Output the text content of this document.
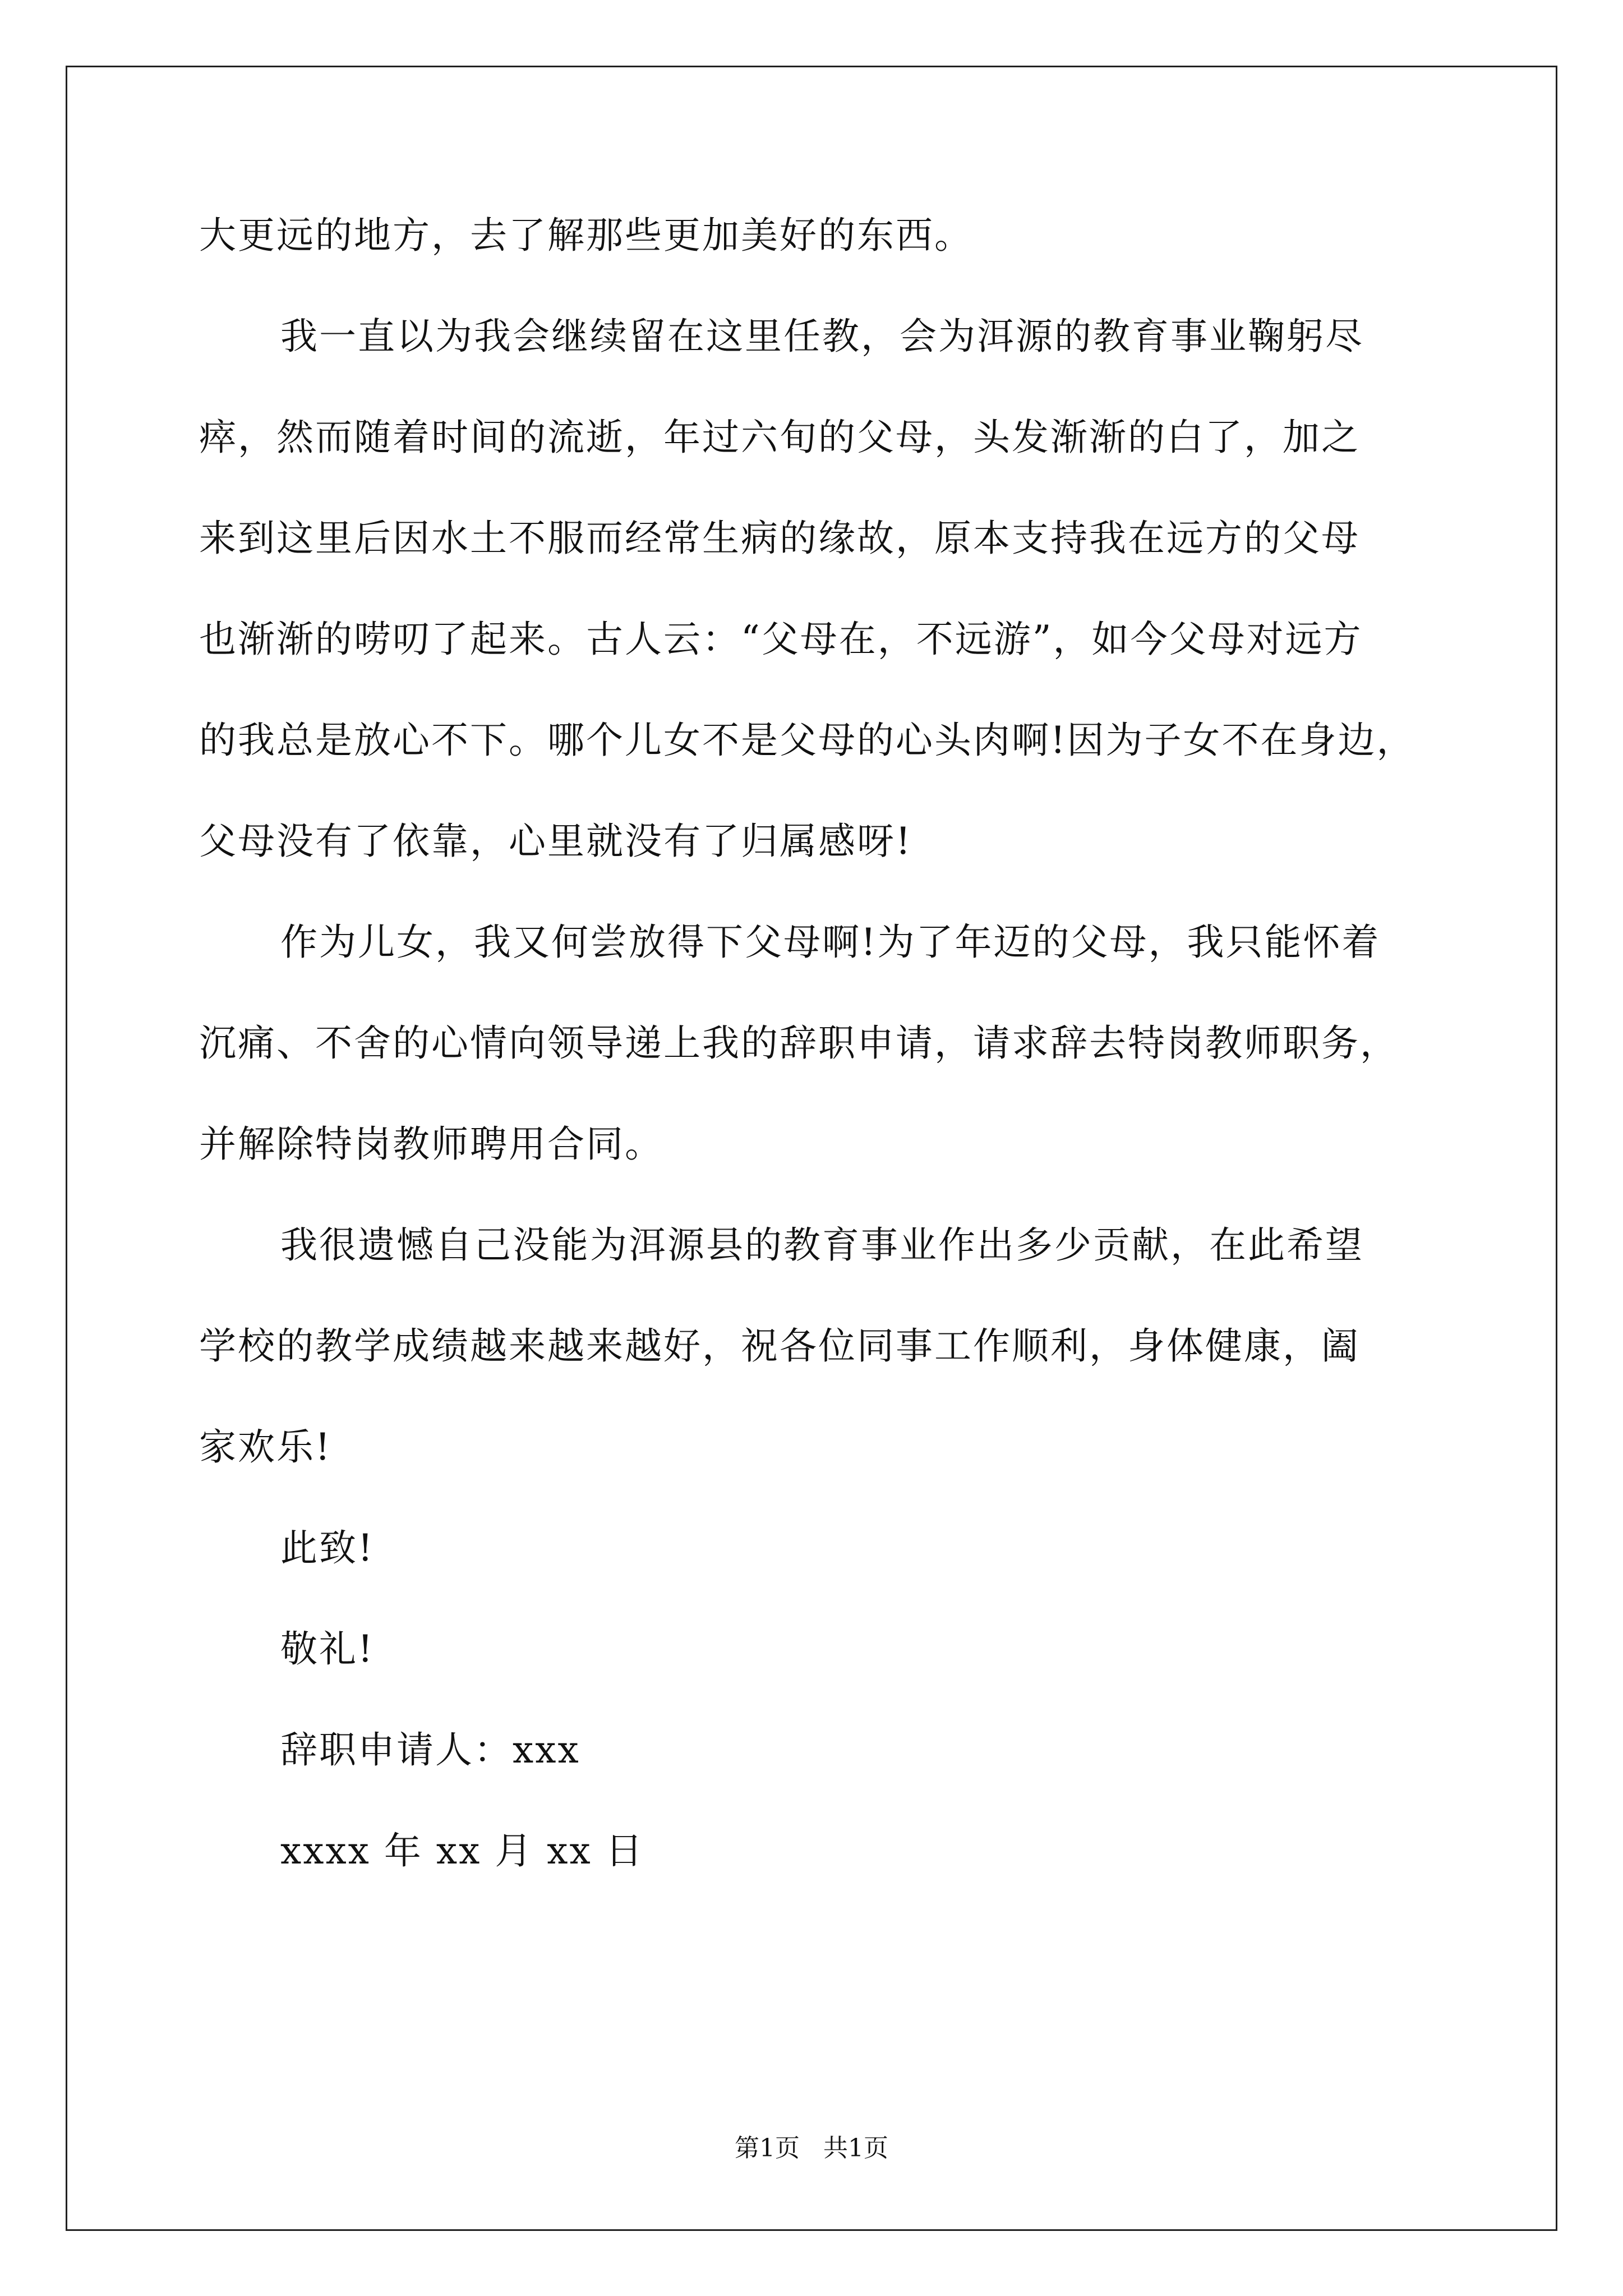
大更远的地方，去了解那些更加美好的东西。
我一直以为我会继续留在这里任教，会为洱源的教育事业鞠躬尽
瘁，然而随着时间的流逝，年过六旬的父母，头发渐渐的白了，加之
来到这里后因水土不服而经常生病的缘故，原本支持我在远方的父母
也渐渐的唠叨了起来。古人云：“父母在，不远游”，如今父母对远方
的我总是放心不下。哪个儿女不是父母的心头肉啊!因为子女不在身边，
父母没有了依靠，心里就没有了归属感呀!
作为儿女，我又何尝放得下父母啊!为了年迈的父母，我只能怀着
沉痛、不舍的心情向领导递上我的辞职申请，请求辞去特岗教师职务，
并解除特岗教师聘用合同。
我很遗憾自己没能为洱源县的教育事业作出多少贡献，在此希望
学校的教学成绩越来越来越好，祝各位同事工作顺利，身体健康，阖
家欢乐!
此致!
敬礼!
辞职申请人：xxx
xxxx 年 xx 月 xx 日
第1页   共1页
